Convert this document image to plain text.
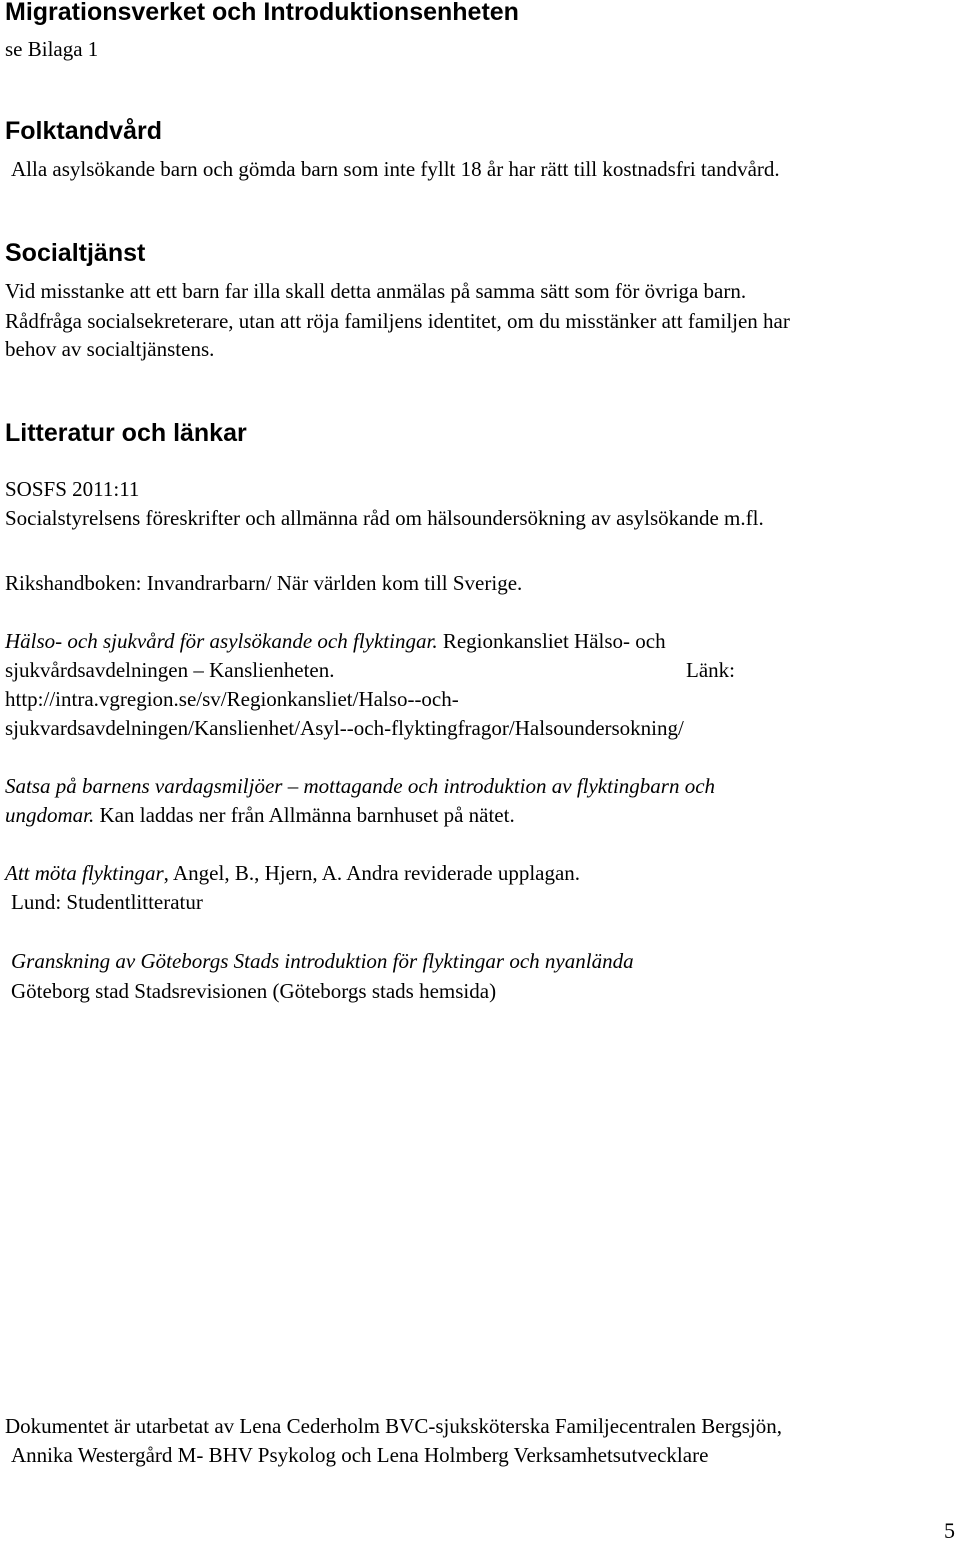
Migrationsverket och Introduktionsenheten
se Bilaga 1
Folktandvård
Alla asylsökande barn och gömda barn som inte fyllt 18 år har rätt till kostnadsfri tandvård.
Socialtjänst
Vid misstanke att ett barn far illa skall detta anmälas på samma sätt som för övriga barn.
Rådfråga socialsekreterare, utan att röja familjens identitet, om du misstänker att familjen har
behov av socialtjänstens.
Litteratur och länkar
SOSFS 2011:11
Socialstyrelsens föreskrifter och allmänna råd om hälsoundersökning av asylsökande m.fl.
Rikshandboken: Invandrarbarn/ När världen kom till Sverige.
Hälso- och sjukvård för asylsökande och flyktingar. Regionkansliet Hälso- och
sjukvårdsavdelningen – Kanslienheten.	Länk:
http://intra.vgregion.se/sv/Regionkansliet/Halso--och-
sjukvardsavdelningen/Kanslienhet/Asyl--och-flyktingfragor/Halsoundersokning/
Satsa på barnens vardagsmiljöer – mottagande och introduktion av flyktingbarn och
ungdomar. Kan laddas ner från Allmänna barnhuset på nätet.
Att möta flyktingar, Angel, B., Hjern, A. Andra reviderade upplagan.
Lund: Studentlitteratur
Granskning av Göteborgs Stads introduktion för flyktingar och nyanlända
Göteborg stad Stadsrevisionen (Göteborgs stads hemsida)
Dokumentet är utarbetat av Lena Cederholm BVC-sjuksköterska Familjecentralen Bergsjön,
Annika Westergård M- BHV Psykolog och Lena Holmberg Verksamhetsutvecklare
5
